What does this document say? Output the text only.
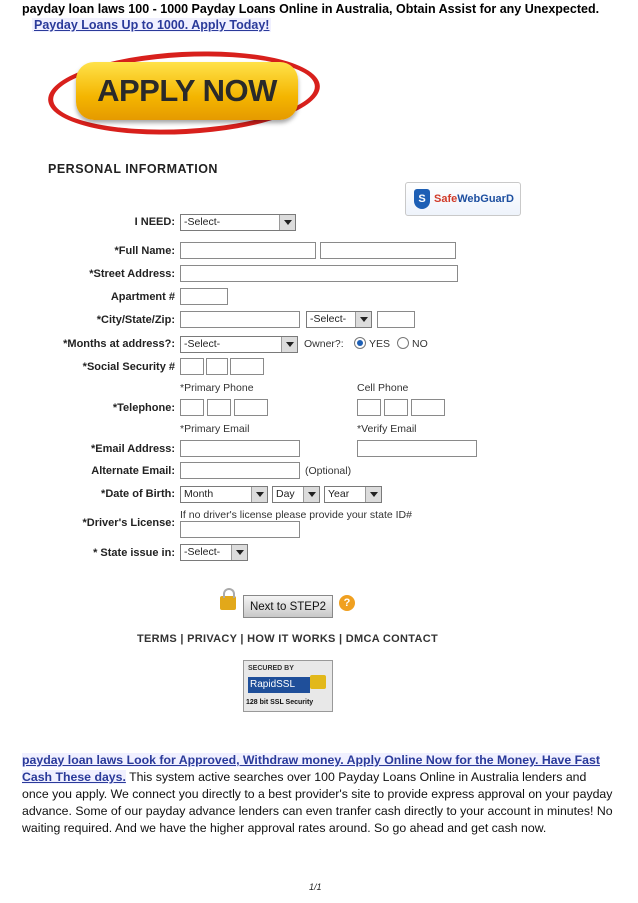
payday loan laws 100 - 1000 Payday Loans Online in Australia, Obtain Assist for any Unexpected.
Payday Loans Up to 1000. Apply Today!
APPLY NOW
PERSONAL INFORMATION
S SafeWebGuarD
I NEED: -Select-
*Full Name:
*Street Address:
Apartment #
*City/State/Zip:	-Select-
*Months at address?: -Select-	Owner?: YES NO
*Social Security #
*Primary Phone	Cell Phone
*Telephone:
*Primary Email	*Verify Email
*Email Address:
Alternate Email:	(Optional)
*Date of Birth: Month	Day	Year
If no driver's license please provide your state ID#
*Driver's License:
* State issue in: -Select-
Next to STEP2	?
TERMS | PRIVACY | HOW IT WORKS | DMCA CONTACT
SECURED BY
RapidSSL
128 bit SSL Security
payday loan laws Look for Approved, Withdraw money. Apply Online Now for the Money. Have Fast Cash These days. This system active searches over 100 Payday Loans Online in Australia lenders and once you apply. We connect you directly to a best provider's site to provide express approval on your payday advance. Some of our payday advance lenders can even tranfer cash directly to your account in minutes! No waiting required. And we have the higher approval rates around. So go ahead and get cash now.
1/1
